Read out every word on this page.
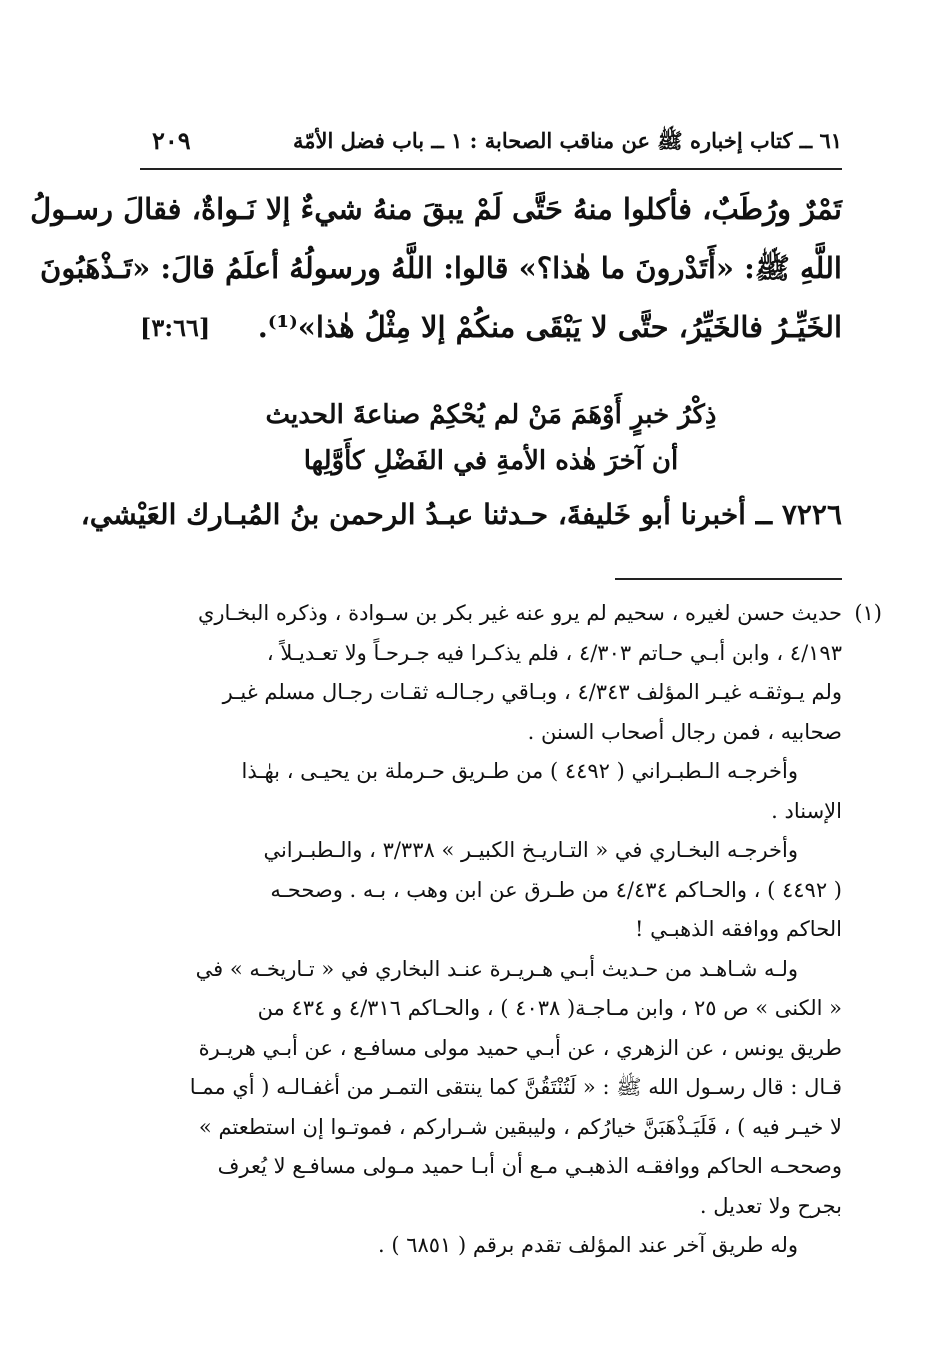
٦١ ــ كتاب إخباره ﷺ عن مناقب الصحابة : ١ ــ باب فضل الأمّة
٢٠٩
تَمْرٌ ورُطَبٌ، فأكلوا منهُ حَتَّى لَمْ يبقَ منهُ شيءٌ إلا نَـواةٌ، فقالَ رسـولُ
اللَّهِ ﷺ: «أَتَدْرونَ ما هٰذا؟» قالوا: اللَّهُ ورسولُهُ أعلَمُ قالَ: «تَـذْهَبُونَ
[٣:٦٦] الخَيِّـرُ فالخَيِّرُ، حتَّى لا يَبْقَى منكُمْ إلا مِثْلُ هٰذا»⁽¹⁾.
ذِكْرُ خبرٍ أَوْهَمَ مَنْ لم يُحْكِمْ صناعةَ الحديث
أن آخرَ هٰذه الأمةِ في الفَضْلِ كأَوَّلِها
٧٢٢٦ ــ أخبرنا أبو خَليفةَ، حـدثنا عبـدُ الرحمن بنُ المُبـارك العَيْشي،
(١)

حديث حسن لغيره ، سحيم لم يرو عنه غير بكر بن سـوادة ، وذكره البخـاري
٤/١٩٣ ، وابن أبـي حـاتم ٤/٣٠٣ ، فلم يذكـرا فيه جـرحـاً ولا تعـديـلاً ،
ولم يـوثقـه غيـر المؤلف ٤/٣٤٣ ، وبـاقي رجـالـه ثقـات رجـال مسلم غيـر
صحابيه ، فمن رجال أصحاب السنن .

وأخرجـه الـطبـراني ( ٤٤٩٢ ) من طـريق حـرملة بن يحيـى ، بهٰـذا
الإسناد .

وأخرجـه البخـاري في « التـاريـخ الكبيـر » ٣/٣٣٨ ، والـطبـراني
( ٤٤٩٢ ) ، والحـاكم ٤/٤٣٤ من طـرق عن ابن وهب ، بـه . وصححـه
الحاكم ووافقه الذهبـي !

ولـه شـاهـد من حـديث أبـي هـريـرة عنـد البخاري في « تـاريخـه » في
« الكنى » ص ٢٥ ، وابن مـاجـة( ٤٠٣٨ ) ، والحـاكم ٤/٣١٦ و ٤٣٤ من
طريق يونس ، عن الزهري ، عن أبـي حميد مولى مسافـع ، عن أبـي هريـرة
قـال : قال رسـول الله ﷺ : « لَتُنْتَقُنَّ كما ينتقى التمـر من أغفـالـه ( أي ممـا
لا خيـر فيه ) ، فَلَيَـذْهَبَنَّ خيارُكم ، وليبقين شـراركم ، فموتـوا إن استطعتم »
وصححـه الحاكم ووافقـه الذهبـي مـع أن أبـا حميد مـولى مسافـع لا يُعرف
بجرح ولا تعديل .

وله طريق آخر عند المؤلف تقدم برقم ( ٦٨٥١ ) .
